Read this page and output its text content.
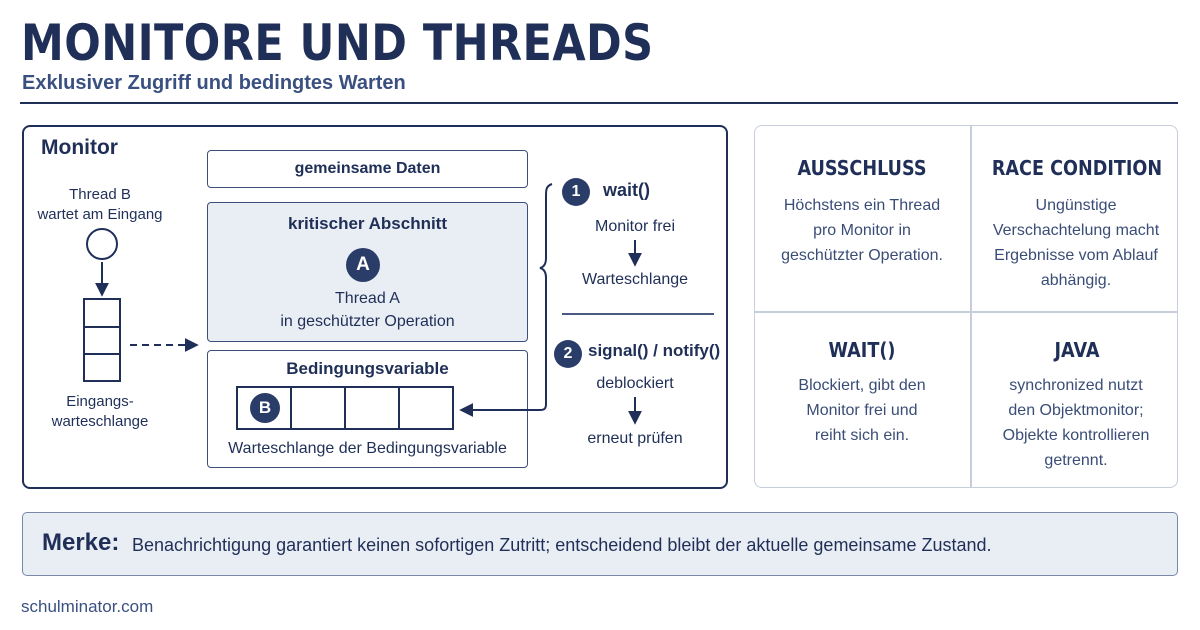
MONITORE UND THREADS
Exklusiver Zugriff und bedingtes Warten
Monitor
Thread B
wartet am Eingang
Eingangs-
warteschlange
gemeinsame Daten
kritischer Abschnitt
A
Thread A
in geschützter Operation
Bedingungsvariable
B
Warteschlange der Bedingungsvariable
1	wait()
Monitor frei
Warteschlange
2 signal() / notify()
deblockiert
erneut prüfen
AUSSCHLUSS
Höchstens ein Thread
pro Monitor in
geschützter Operation.
RACE CONDITION
Ungünstige
Verschachtelung macht
Ergebnisse vom Ablauf
abhängig.
WAIT()
Blockiert, gibt den
Monitor frei und
reiht sich ein.
JAVA
synchronized nutzt
den Objektmonitor;
Objekte kontrollieren
getrennt.
Merke: Benachrichtigung garantiert keinen sofortigen Zutritt; entscheidend bleibt der aktuelle gemeinsame Zustand.
schulminator.com
